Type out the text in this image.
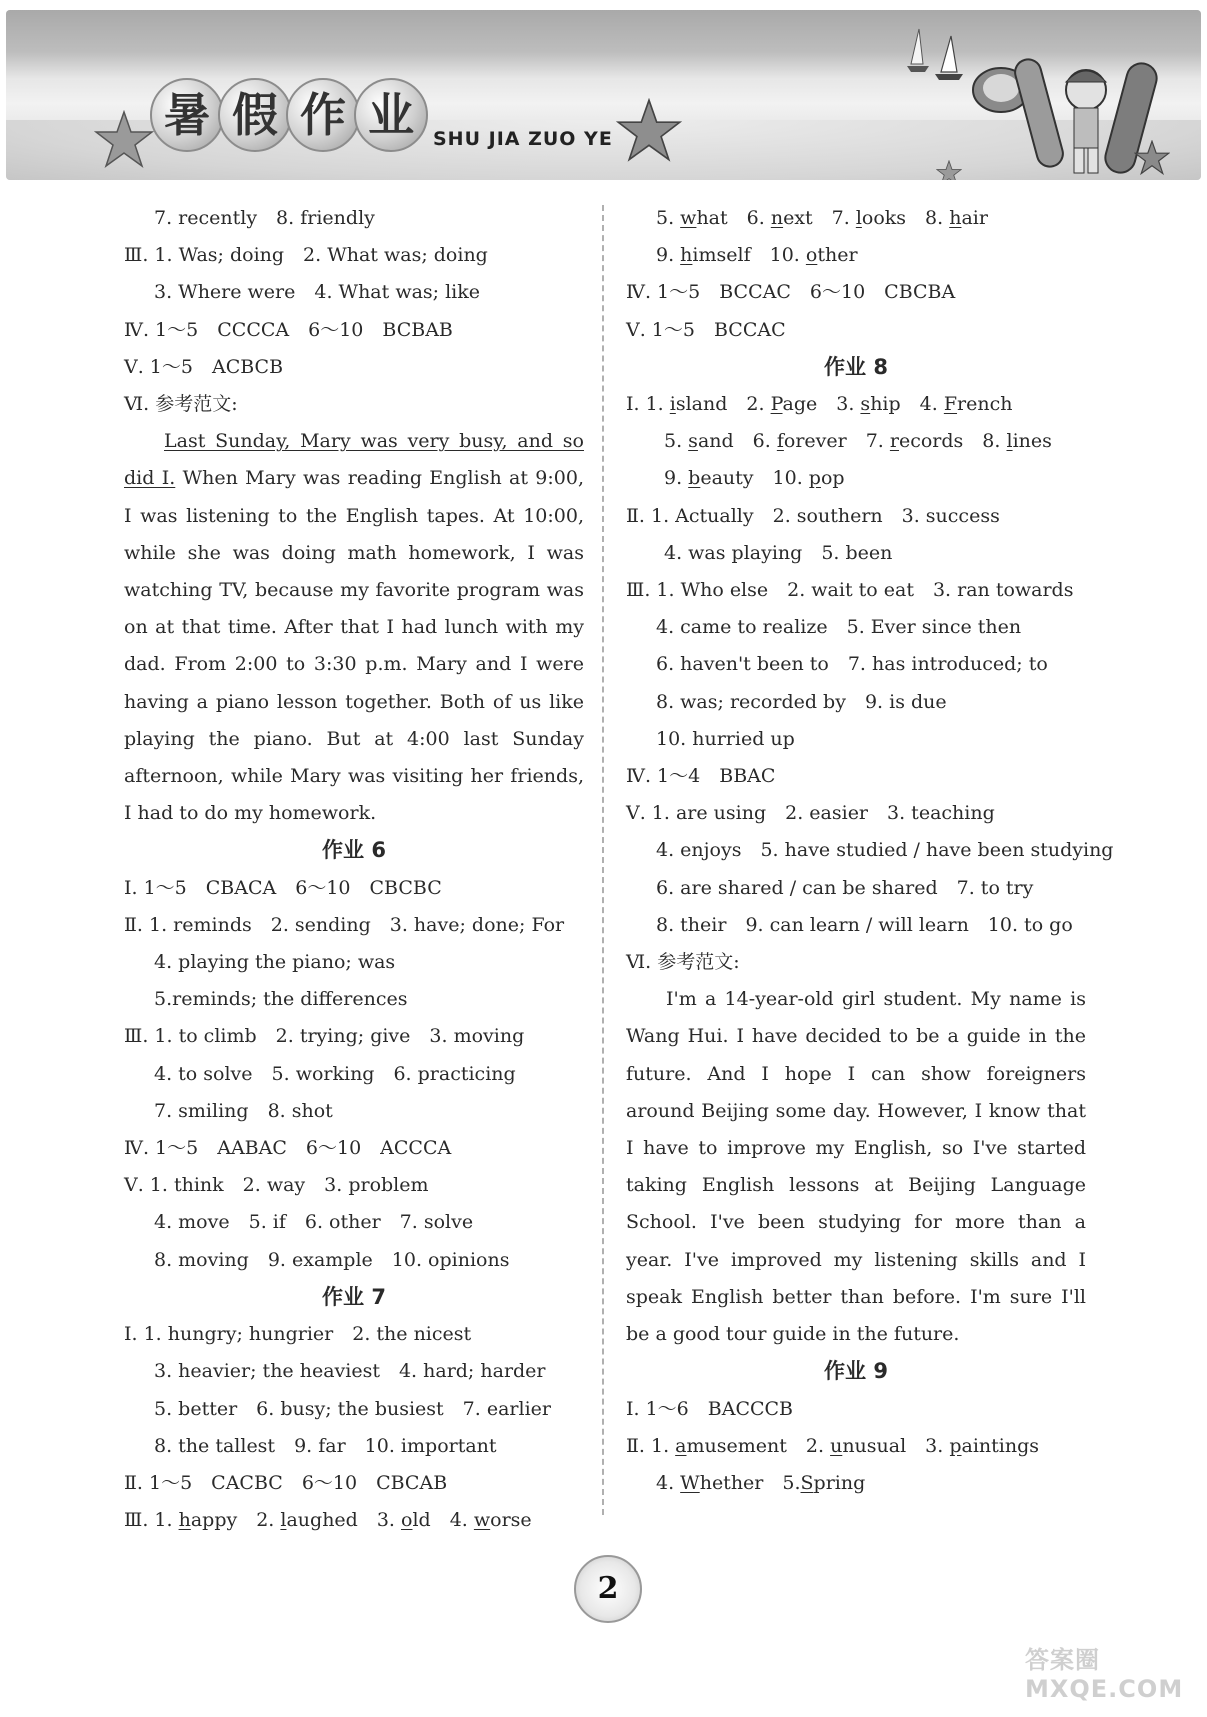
暑 假 作 业	SHU JIA ZUO YE
7. recently　8. friendly
Ⅲ. 1. Was; doing　2. What was; doing
3. Where were　4. What was; like
Ⅳ. 1～5　CCCCA　6～10　BCBAB
Ⅴ. 1～5　ACBCB
Ⅵ. 参考范文:
Last Sunday, Mary was very busy, and so did I. When Mary was reading English at 9:00, I was listening to the English tapes. At 10:00, while she was doing math homework, I was watching TV, because my favorite program was on at that time. After that I had lunch with my dad. From 2:00 to 3:30 p.m. Mary and I were having a piano lesson together. Both of us like playing the piano. But at 4:00 last Sunday afternoon, while Mary was visiting her friends, I had to do my homework.
作业 6
Ⅰ. 1～5　CBACA　6～10　CBCBC
Ⅱ. 1. reminds　2. sending　3. have; done; For
4. playing the piano; was
5.reminds; the differences
Ⅲ. 1. to climb　2. trying; give　3. moving
4. to solve　5. working　6. practicing
7. smiling　8. shot
Ⅳ. 1～5　AABAC　6～10　ACCCA
Ⅴ. 1. think　2. way　3. problem
4. move　5. if　6. other　7. solve
8. moving　9. example　10. opinions
作业 7
Ⅰ. 1. hungry; hungrier　2. the nicest
3. heavier; the heaviest　4. hard; harder
5. better　6. busy; the busiest　7. earlier
8. the tallest　9. far　10. important
Ⅱ. 1～5　CACBC　6～10　CBCAB
Ⅲ. 1. happy　2. laughed　3. old　4. worse
5. what　6. next　7. looks　8. hair
9. himself　10. other
Ⅳ. 1～5　BCCAC　6～10　CBCBA
Ⅴ. 1～5　BCCAC
作业 8
Ⅰ. 1. island　2. Page　3. ship　4. French
5. sand　6. forever　7. records　8. lines
9. beauty　10. pop
Ⅱ. 1. Actually　2. southern　3. success
4. was playing　5. been
Ⅲ. 1. Who else　2. wait to eat　3. ran towards
4. came to realize　5. Ever since then
6. haven't been to　7. has introduced; to
8. was; recorded by　9. is due
10. hurried up
Ⅳ. 1～4　BBAC
Ⅴ. 1. are using　2. easier　3. teaching
4. enjoys　5. have studied / have been studying
6. are shared / can be shared　7. to try
8. their　9. can learn / will learn　10. to go
Ⅵ. 参考范文:
I'm a 14-year-old girl student. My name is Wang Hui. I have decided to be a guide in the future. And I hope I can show foreigners around Beijing some day. However, I know that I have to improve my English, so I've started taking English lessons at Beijing Language School. I've been studying for more than a year. I've improved my listening skills and I speak English better than before. I'm sure I'll be a good tour guide in the future.
作业 9
Ⅰ. 1～6　BACCCB
Ⅱ. 1. amusement　2. unusual　3. paintings
4. Whether　5.Spring
2
答案圈 MXQE.COM
